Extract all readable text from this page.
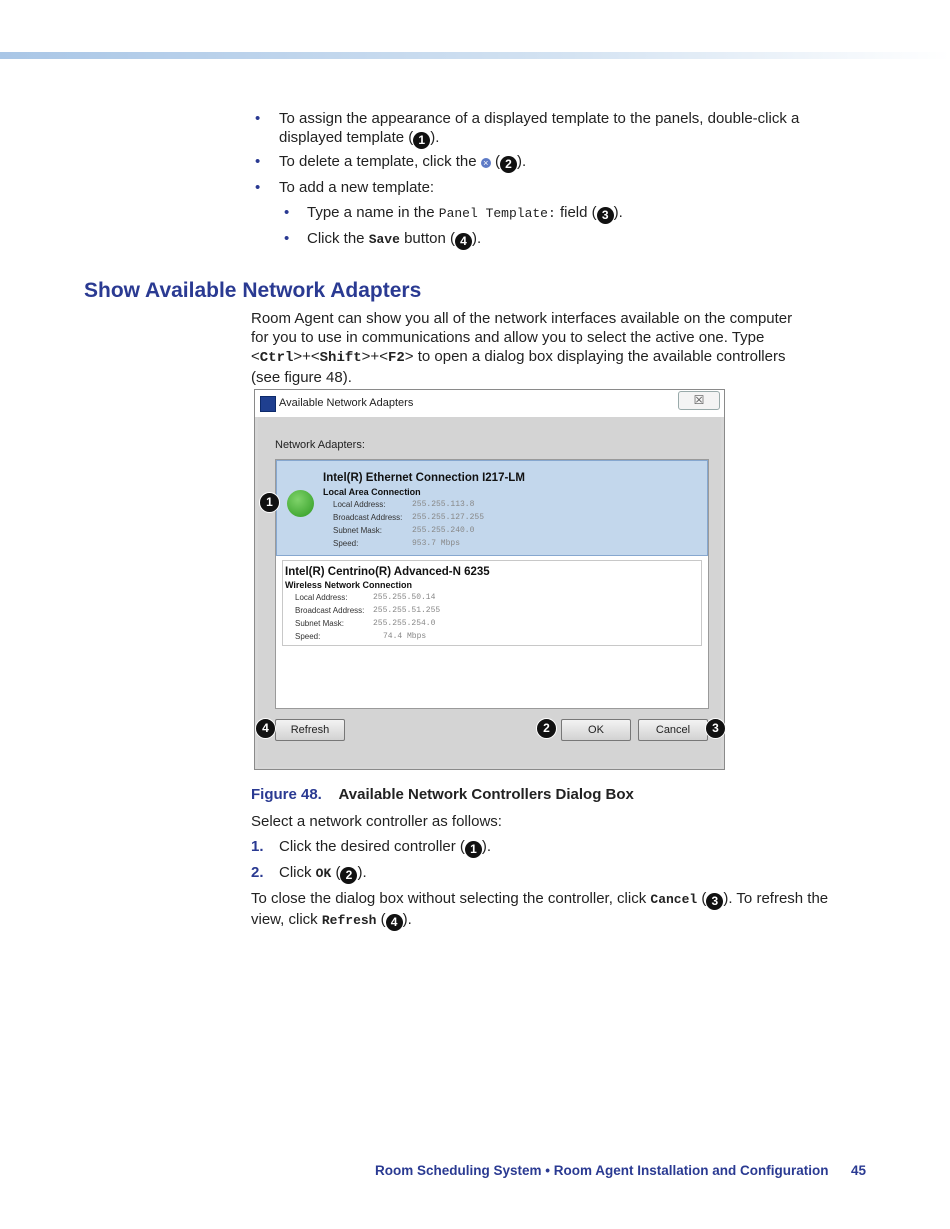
• To assign the appearance of a displayed template to the panels, double-click a displayed template ( 1 ).

• To delete a template, click the × ( 2 ).

• To add a new template:

• Type a name in the Panel Template: field ( 3 ).

• Click the Save button ( 4 ).

Show Available Network Adapters

Room Agent can show you all of the network interfaces available on the computer for you to use in communications and allow you to select the active one. Type <Ctrl>+<Shift>+<F2> to open a dialog box displaying the available controllers (see figure 48).

Available Network Adapters	☒
Network Adapters:
Intel(R) Ethernet Connection I217-LM
Local Area Connection
Local Address:	255.255.113.8
Broadcast Address: 255.255.127.255
Subnet Mask:	255.255.240.0
Speed:	953.7 Mbps
Intel(R) Centrino(R) Advanced-N 6235
Wireless Network Connection
Local Address:	255.255.50.14
Broadcast Address: 255.255.51.255
Subnet Mask:	255.255.254.0
Speed:	74.4 Mbps
Refresh	OK	Cancel
1
2	3
4
Figure 48. Available Network Controllers Dialog Box

Select a network controller as follows:

1. Click the desired controller ( 1 ).

2. Click OK ( 2 ).

To close the dialog box without selecting the controller, click Cancel ( 3 ). To refresh the view, click Refresh ( 4 ).

Room Scheduling System • Room Agent Installation and Configuration 45
